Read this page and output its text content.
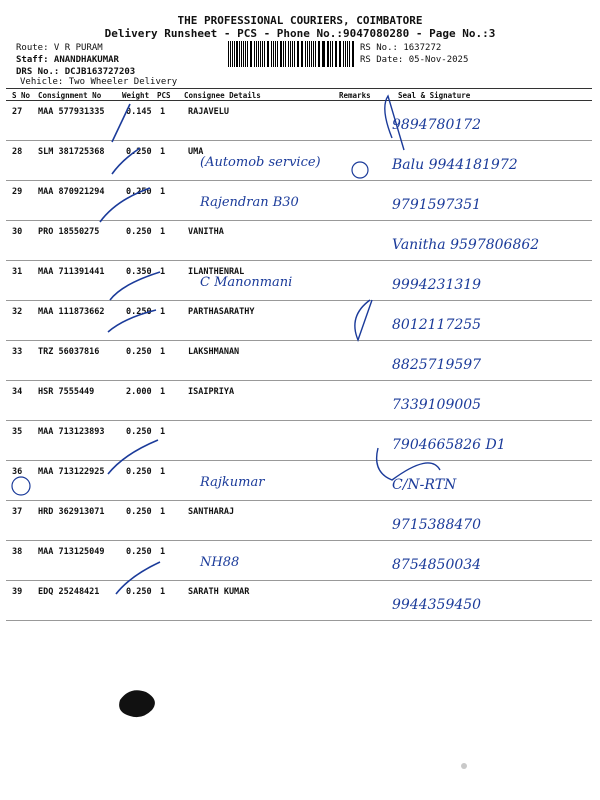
THE PROFESSIONAL COURIERS, COIMBATORE
Delivery Runsheet - PCS - Phone No.:9047080280 - Page No.:3
Route: V R PURAM
Staff: ANANDHAKUMAR
DRS No.: DCJB163727203
Vehicle: Two Wheeler Delivery
RS No.: 1637272
RS Date: 05-Nov-2025
S No Consignment No	Weight PCS Consignee Details	Remarks	Seal & Signature
27 MAA 577931335	0.145 1	RAJAVELU
9894780172
28 SLM 381725368	0.250 1	UMA
(Automob service)	Balu 9944181972
29 MAA 870921294	0.250 1
Rajendran B30	9791597351
30 PRO 18550275	0.250 1	VANITHA
Vanitha 9597806862
31 MAA 711391441	0.350 1	ILANTHENRAL
C Manonmani	9994231319
32 MAA 111873662	0.250 1	PARTHASARATHY
8012117255
33 TRZ 56037816	0.250 1	LAKSHMANAN
8825719597
34 HSR 7555449	2.000 1	ISAIPRIYA
7339109005
35 MAA 713123893	0.250 1
7904665826 D1
36 MAA 713122925	0.250 1
Rajkumar	C/N-RTN
37 HRD 362913071	0.250 1	SANTHARAJ
9715388470
38 MAA 713125049	0.250 1
NH88	8754850034
39 EDQ 25248421	0.250 1	SARATH KUMAR
9944359450
